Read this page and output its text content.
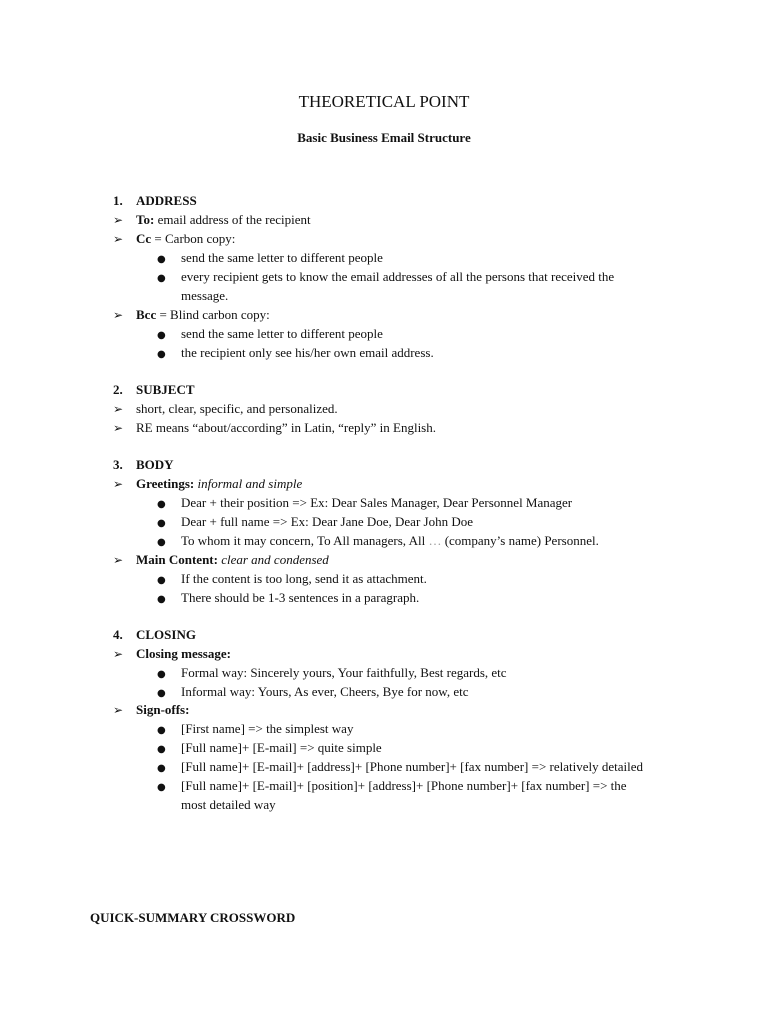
THEORETICAL POINT
Basic Business Email Structure
1. ADDRESS
➢ To: email address of the recipient
➢ Cc = Carbon copy:
● send the same letter to different people
● every recipient gets to know the email addresses of all the persons that received the
message.
➢ Bcc = Blind carbon copy:
● send the same letter to different people
● the recipient only see his/her own email address.
2. SUBJECT
➢ short, clear, specific, and personalized.
➢ RE means “about/according” in Latin, “reply” in English.
3. BODY
➢ Greetings: informal and simple
● Dear + their position => Ex: Dear Sales Manager, Dear Personnel Manager
● Dear + full name => Ex: Dear Jane Doe, Dear John Doe
● To whom it may concern, To All managers, All … (company’s name) Personnel.
➢ Main Content: clear and condensed
● If the content is too long, send it as attachment.
● There should be 1-3 sentences in a paragraph.
4. CLOSING
➢ Closing message:
● Formal way: Sincerely yours, Your faithfully, Best regards, etc
● Informal way: Yours, As ever, Cheers, Bye for now, etc
➢ Sign-offs:
● [First name] => the simplest way
● [Full name]+ [E-mail] => quite simple
● [Full name]+ [E-mail]+ [address]+ [Phone number]+ [fax number] => relatively detailed
● [Full name]+ [E-mail]+ [position]+ [address]+ [Phone number]+ [fax number] => the
most detailed way
QUICK-SUMMARY CROSSWORD
